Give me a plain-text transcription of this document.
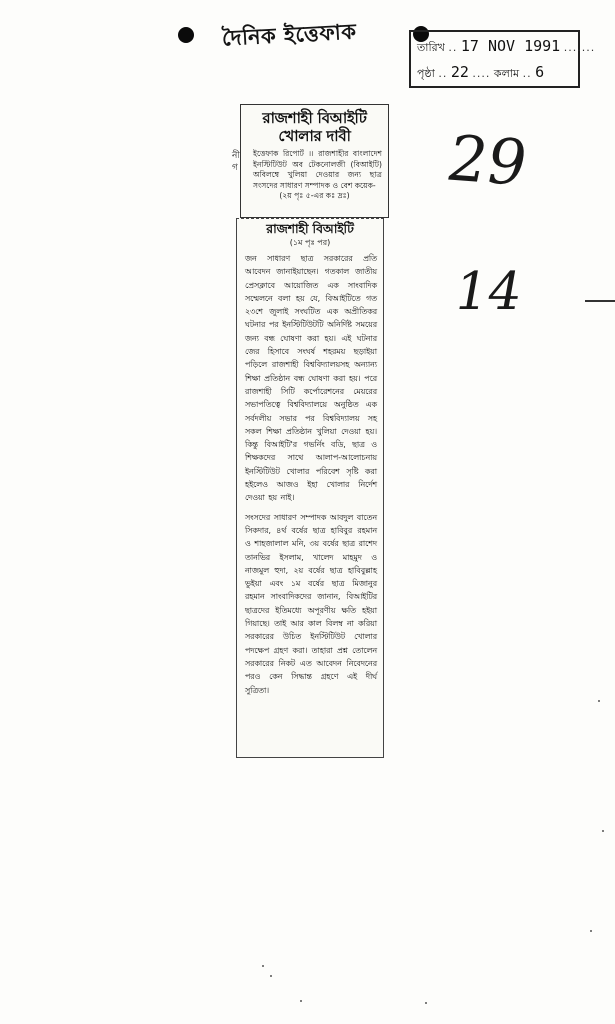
দৈনিক ইত্তেফাক	তারিখ .. 17 NOV 1991 .......
পৃষ্ঠা .. 22 .... কলাম .. 6
29
14
নী গ
রাজশাহী বিআইটি
খোলার দাবী
ইত্তেফাক রিপোর্ট ।। রাজশাহীর বাংলাদেশ ইনস্টিটিউট অব টেকনোলজী (বিআইটি) অবিলম্বে খুলিয়া দেওয়ার জন্য ছাত্র সংসদের সাধারণ সম্পাদক ও বেশ কয়েক-
(২য় পৃঃ ৫-এর কঃ দ্রঃ)
রাজশাহী বিআইটি
(১ম পৃঃ পর)

জন সাধারণ ছাত্র সরকারের প্রতি আবেদন জানাইয়াছেন। গতকাল জাতীয় প্রেসক্লাবে আয়োজিত এক সাংবাদিক সম্মেলনে বলা হয় যে, বিআইটিতে গত ২৩শে জুলাই সংঘটিত এক অপ্রীতিকর ঘটনার পর ইনস্টিটিউটটি অনির্দিষ্ট সময়ের জন্য বন্ধ ঘোষণা করা হয়। এই ঘটনার জের হিসাবে সংঘর্ষ শহরময় ছড়াইয়া পড়িলে রাজশাহী বিশ্ববিদ্যালয়সহ অন্যান্য শিক্ষা প্রতিষ্ঠান বন্ধ ঘোষণা করা হয়। পরে রাজশাহী সিটি কর্পোরেশনের মেয়রের সভাপতিত্বে বিশ্ববিদ্যালয়ে অনুষ্ঠিত এক সর্বদলীয় সভার পর বিশ্ববিদ্যালয় সহ সকল শিক্ষা প্রতিষ্ঠান খুলিয়া দেওয়া হয়। কিন্তু বিআইটি'র গভর্নিং বডি, ছাত্র ও শিক্ষকদের সাথে আলাপ-আলোচনায় ইনস্টিটিউট খোলার পরিবেশ সৃষ্টি করা হইলেও আজও ইহা খোলার নির্দেশ দেওয়া হয় নাই।

সংসদের সাধারণ সম্পাদক আবদুল বাতেন সিকদার, ৪র্থ বর্ষের ছাত্র হাবিবুর রহমান ও শাহজালাল মনি, ৩য় বর্ষের ছাত্র রাশেদ তানভির ইসলাম, খালেদ মাহমুদ ও নাজমুল হুদা, ২য় বর্ষের ছাত্র হাবিবুল্লাহ ভুইয়া এবং ১ম বর্ষের ছাত্র মিজানুর রহমান সাংবাদিকদের জানান, বিআইটির ছাত্রদের ইতিমধ্যে অপূরণীয় ক্ষতি হইয়া গিয়াছে। তাই আর কাল বিলম্ব না করিয়া সরকারের উচিত ইনস্টিটিউট খোলার পদক্ষেপ গ্রহণ করা। তাহারা প্রশ্ন তোলেন সরকারের নিকট এত আবেদন নিবেদনের পরও কেন সিদ্ধান্ত গ্রহণে এই দীর্ঘ সুত্রিতা।
